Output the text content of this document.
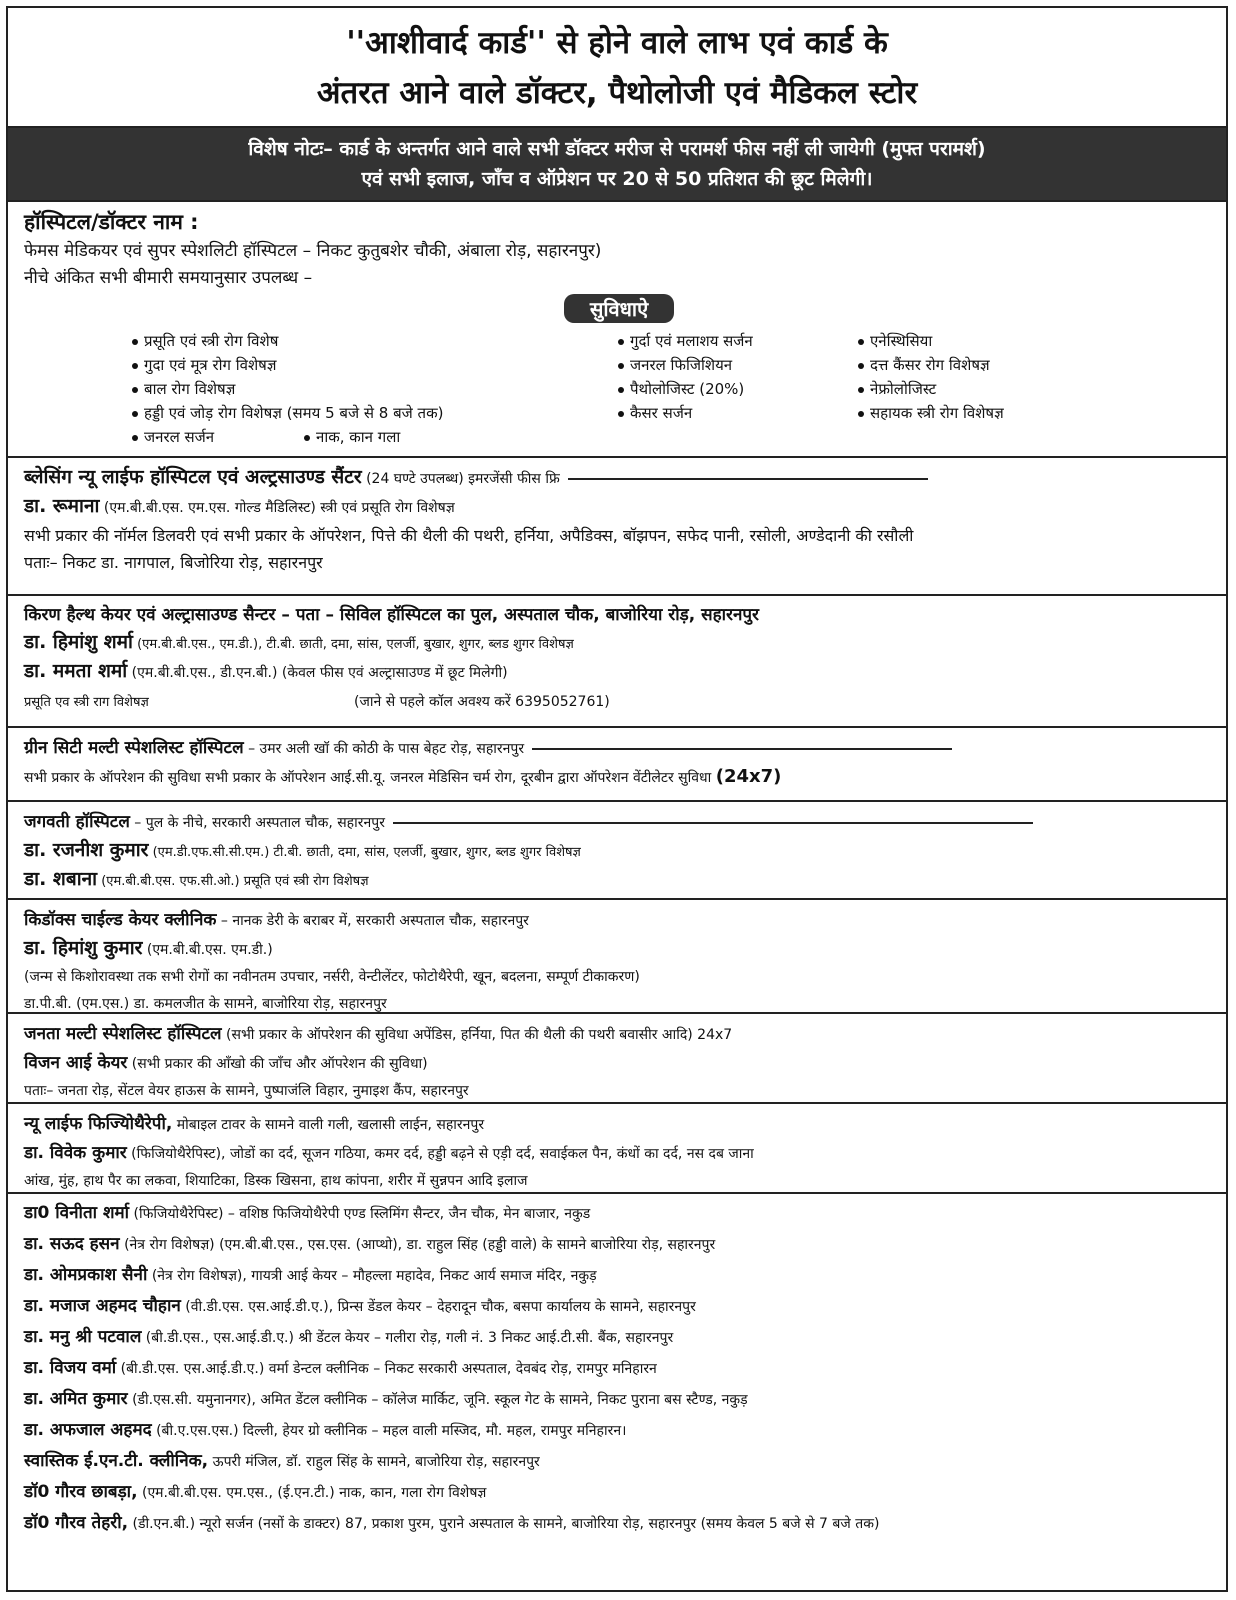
''आशीवार्द कार्ड'' से होने वाले लाभ एवं कार्ड के
अंतरत आने वाले डॉक्टर, पैथोलोजी एवं मैडिकल स्टोर
विशेष नोटः– कार्ड के अन्तर्गत आने वाले सभी डॉक्टर मरीज से परामर्श फीस नहीं ली जायेगी (मुफ्त परामर्श)
एवं सभी इलाज, जाँच व ऑप्रेशन पर 20 से 50 प्रतिशत की छूट मिलेगी।
हॉस्पिटल/डॉक्टर नाम :
फेमस मेडिकयर एवं सुपर स्पेशलिटी हॉस्पिटल – निकट कुतुबशेर चौकी, अंबाला रोड़, सहारनपुर)
नीचे अंकित सभी बीमारी समयानुसार उपलब्ध –
सुविधाऐ
प्रसूति एवं स्त्री रोग विशेष
गुदा एवं मूत्र रोग विशेषज्ञ
बाल रोग विशेषज्ञ
हड्डी एवं जोड़ रोग विशेषज्ञ (समय 5 बजे से 8 बजे तक)
जनरल सर्जन	नाक, कान गला
गुर्दा एवं मलाशय सर्जन
जनरल फिजिशियन
पैथोलोजिस्ट (20%)
कैसर सर्जन
एनेस्थिसिया
दत्त कैंसर रोग विशेषज्ञ
नेफ्रोलोजिस्ट
सहायक स्त्री रोग विशेषज्ञ
ब्लेसिंग न्यू लाईफ हॉस्पिटल एवं अल्ट्रसाउण्ड सैंटर (24 घण्टे उपलब्ध) इमरजेंसी फीस फ्रि
डा. रूमाना (एम.बी.बी.एस. एम.एस. गोल्ड मैडिलिस्ट) स्त्री एवं प्रसूति रोग विशेषज्ञ
सभी प्रकार की नॉर्मल डिलवरी एवं सभी प्रकार के ऑपरेशन, पित्ते की थैली की पथरी, हर्निया, अपैडिक्स, बॉझपन, सफेद पानी, रसोली, अण्डेदानी की रसौली
पताः– निकट डा. नागपाल, बिजोरिया रोड़, सहारनपुर
किरण हैल्थ केयर एवं अल्ट्रासाउण्ड सैन्टर – पता – सिविल हॉस्पिटल का पुल, अस्पताल चौक, बाजोरिया रोड़, सहारनपुर
डा. हिमांशु शर्मा (एम.बी.बी.एस., एम.डी.), टी.बी. छाती, दमा, सांस, एलर्जी, बुखार, शुगर, ब्लड शुगर विशेषज्ञ
डा. ममता शर्मा (एम.बी.बी.एस., डी.एन.बी.) (केवल फीस एवं अल्ट्रासाउण्ड में छूट मिलेगी)
प्रसूति एव स्त्री राग विशेषज्ञ	(जाने से पहले कॉल अवश्य करें 6395052761)
ग्रीन सिटी मल्टी स्पेशलिस्ट हॉस्पिटल – उमर अली खॉ की कोठी के पास बेहट रोड़, सहारनपुर
सभी प्रकार के ऑपरेशन की सुविधा सभी प्रकार के ऑपरेशन आई.सी.यू. जनरल मेडिसिन चर्म रोग, दूरबीन द्वारा ऑपरेशन वेंटीलेटर सुविधा (24x7)
जगवती हॉस्पिटल – पुल के नीचे, सरकारी अस्पताल चौक, सहारनपुर
डा. रजनीश कुमार (एम.डी.एफ.सी.सी.एम.) टी.बी. छाती, दमा, सांस, एलर्जी, बुखार, शुगर, ब्लड शुगर विशेषज्ञ
डा. शबाना (एम.बी.बी.एस. एफ.सी.ओ.) प्रसूति एवं स्त्री रोग विशेषज्ञ
किडॉक्स चाईल्ड केयर क्लीनिक – नानक डेरी के बराबर में, सरकारी अस्पताल चौक, सहारनपुर
डा. हिमांशु कुमार (एम.बी.बी.एस. एम.डी.)
(जन्म से किशोरावस्था तक सभी रोगों का नवीनतम उपचार, नर्सरी, वेन्टीलेंटर, फोटोथैरेपी, खून, बदलना, सम्पूर्ण टीकाकरण)
डा.पी.बी. (एम.एस.) डा. कमलजीत के सामने, बाजोरिया रोड़, सहारनपुर
जनता मल्टी स्पेशलिस्ट हॉस्पिटल (सभी प्रकार के ऑपरेशन की सुविधा अपेंडिस, हर्निया, पित की थैली की पथरी बवासीर आदि) 24x7
विजन आई केयर (सभी प्रकार की आँखो की जाँच और ऑपरेशन की सुविधा)
पताः– जनता रोड़, सेंटल वेयर हाऊस के सामने, पुष्पाजंलि विहार, नुमाइश कैंप, सहारनपुर
न्यू लाईफ फिज्यिोथैरेपी, मोबाइल टावर के सामने वाली गली, खलासी लाईन, सहारनपुर
डा. विवेक कुमार (फिजियोथैरेपिस्ट), जोडों का दर्द, सूजन गठिया, कमर दर्द, हड्डी बढ़ने से एड़ी दर्द, सवाईकल पैन, कंधों का दर्द, नस दब जाना
आंख, मुंह, हाथ पैर का लकवा, शियाटिका, डिस्क खिसना, हाथ कांपना, शरीर में सुन्नपन आदि इलाज
डा0 विनीता शर्मा (फिजियोथैरेपिस्ट) – वशिष्ठ फिजियोथैरेपी एण्ड स्लिमिंग सैन्टर, जैन चौक, मेन बाजार, नकुड
डा. सऊद हसन (नेत्र रोग विशेषज्ञ) (एम.बी.बी.एस., एस.एस. (आप्थो), डा. राहुल सिंह (हड्डी वाले) के सामने बाजोरिया रोड़, सहारनपुर
डा. ओमप्रकाश सैनी (नेत्र रोग विशेषज्ञ), गायत्री आई केयर – मौहल्ला महादेव, निकट आर्य समाज मंदिर, नकुड़
डा. मजाज अहमद चौहान (वी.डी.एस. एस.आई.डी.ए.), प्रिन्स डेंडल केयर – देहरादून चौक, बसपा कार्यालय के सामने, सहारनपुर
डा. मनु श्री पटवाल (बी.डी.एस., एस.आई.डी.ए.) श्री डेंटल केयर – गलीरा रोड़, गली नं. 3 निकट आई.टी.सी. बैंक, सहारनपुर
डा. विजय वर्मा (बी.डी.एस. एस.आई.डी.ए.) वर्मा डेन्टल क्लीनिक – निकट सरकारी अस्पताल, देवबंद रोड़, रामपुर मनिहारन
डा. अमित कुमार (डी.एस.सी. यमुनानगर), अमित डेंटल क्लीनिक – कॉलेज मार्किट, जूनि. स्कूल गेट के सामने, निकट पुराना बस स्टैण्ड, नकुड़
डा. अफजाल अहमद (बी.ए.एस.एस.) दिल्ली, हेयर ग्रो क्लीनिक – महल वाली मस्जिद, मौ. महल, रामपुर मनिहारन।
स्वास्तिक ई.एन.टी. क्लीनिक, ऊपरी मंजिल, डॉ. राहुल सिंह के सामने, बाजोरिया रोड़, सहारनपुर
डॉ0 गौरव छाबड़ा, (एम.बी.बी.एस. एम.एस., (ई.एन.टी.) नाक, कान, गला रोग विशेषज्ञ
डॉ0 गौरव तेहरी, (डी.एन.बी.) न्यूरो सर्जन (नसों के डाक्टर) 87, प्रकाश पुरम, पुराने अस्पताल के सामने, बाजोरिया रोड़, सहारनपुर (समय केवल 5 बजे से 7 बजे तक)
